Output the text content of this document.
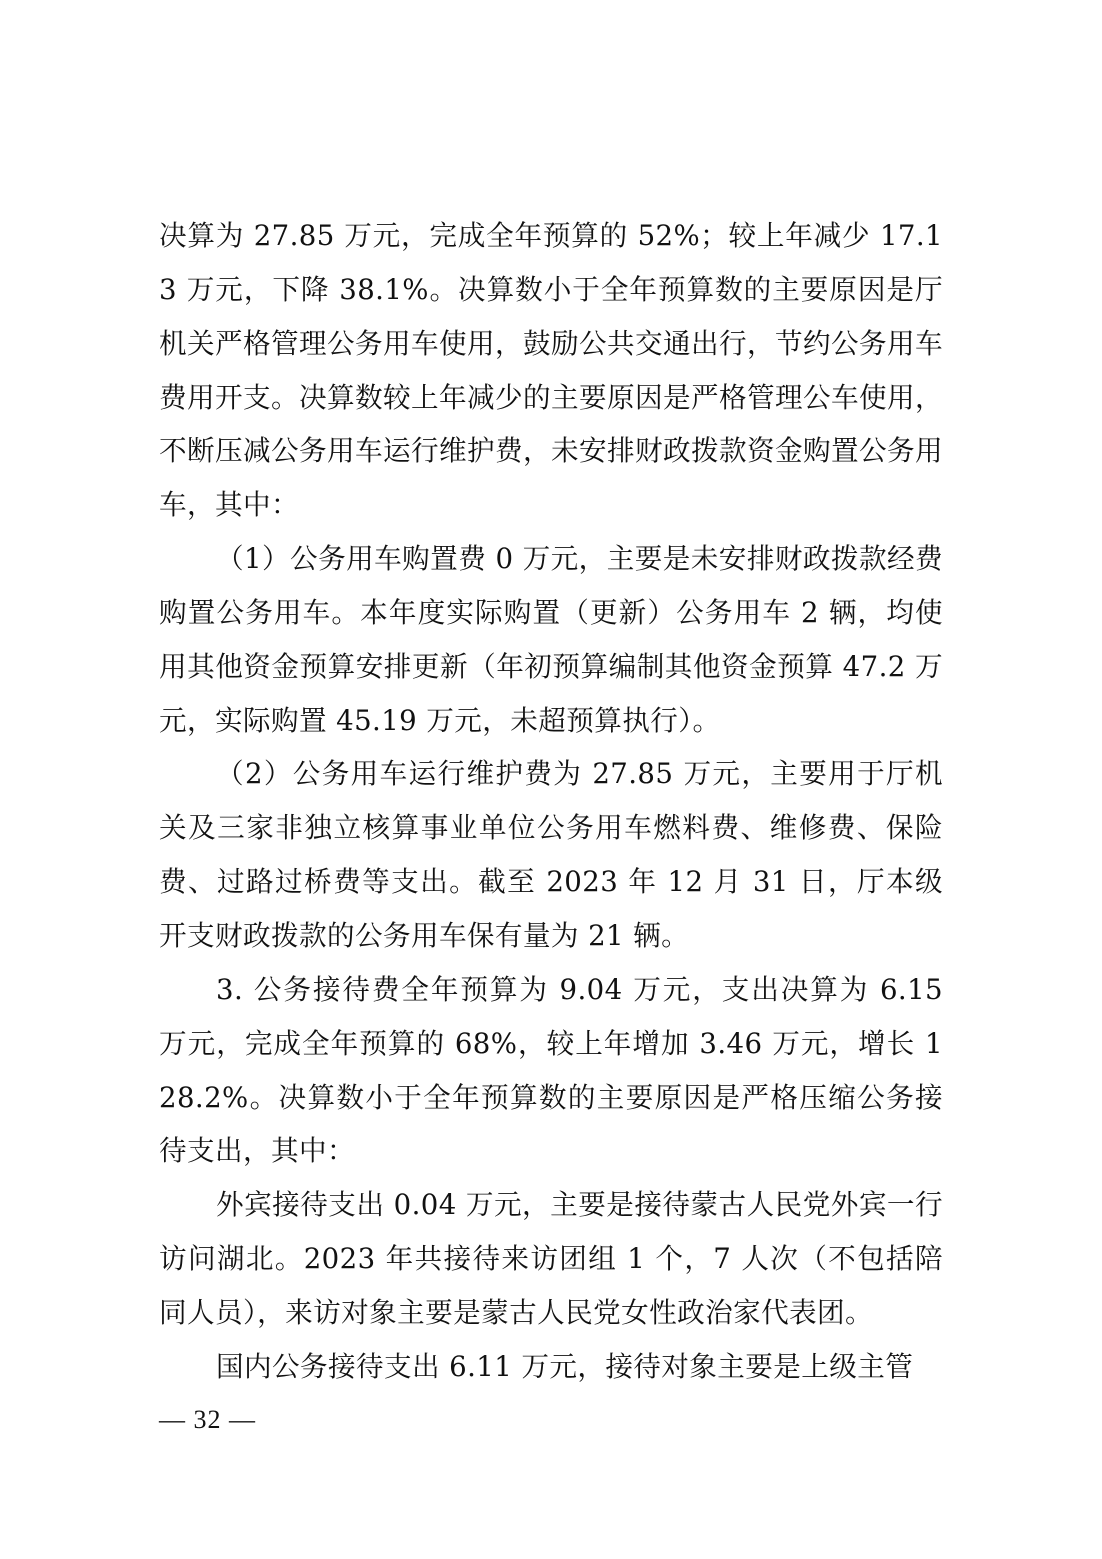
决算为 27.85 万元，完成全年预算的 52%；较上年减少 17.13 万元，下降 38.1%。决算数小于全年预算数的主要原因是厅机关严格管理公务用车使用，鼓励公共交通出行，节约公务用车费用开支。决算数较上年减少的主要原因是严格管理公车使用，不断压减公务用车运行维护费，未安排财政拨款资金购置公务用车，其中：

（1）公务用车购置费 0 万元，主要是未安排财政拨款经费购置公务用车。本年度实际购置（更新）公务用车 2 辆，均使用其他资金预算安排更新（年初预算编制其他资金预算 47.2 万元，实际购置 45.19 万元，未超预算执行）。

（2）公务用车运行维护费为 27.85 万元，主要用于厅机关及三家非独立核算事业单位公务用车燃料费、维修费、保险费、过路过桥费等支出。截至 2023 年 12 月 31 日，厅本级开支财政拨款的公务用车保有量为 21 辆。

3. 公务接待费全年预算为 9.04 万元，支出决算为 6.15 万元，完成全年预算的 68%，较上年增加 3.46 万元，增长 128.2%。决算数小于全年预算数的主要原因是严格压缩公务接待支出，其中：

外宾接待支出 0.04 万元，主要是接待蒙古人民党外宾一行访问湖北。2023 年共接待来访团组 1 个，7 人次（不包括陪同人员），来访对象主要是蒙古人民党女性政治家代表团。

国内公务接待支出 6.11 万元，接待对象主要是上级主管

— 32 —
